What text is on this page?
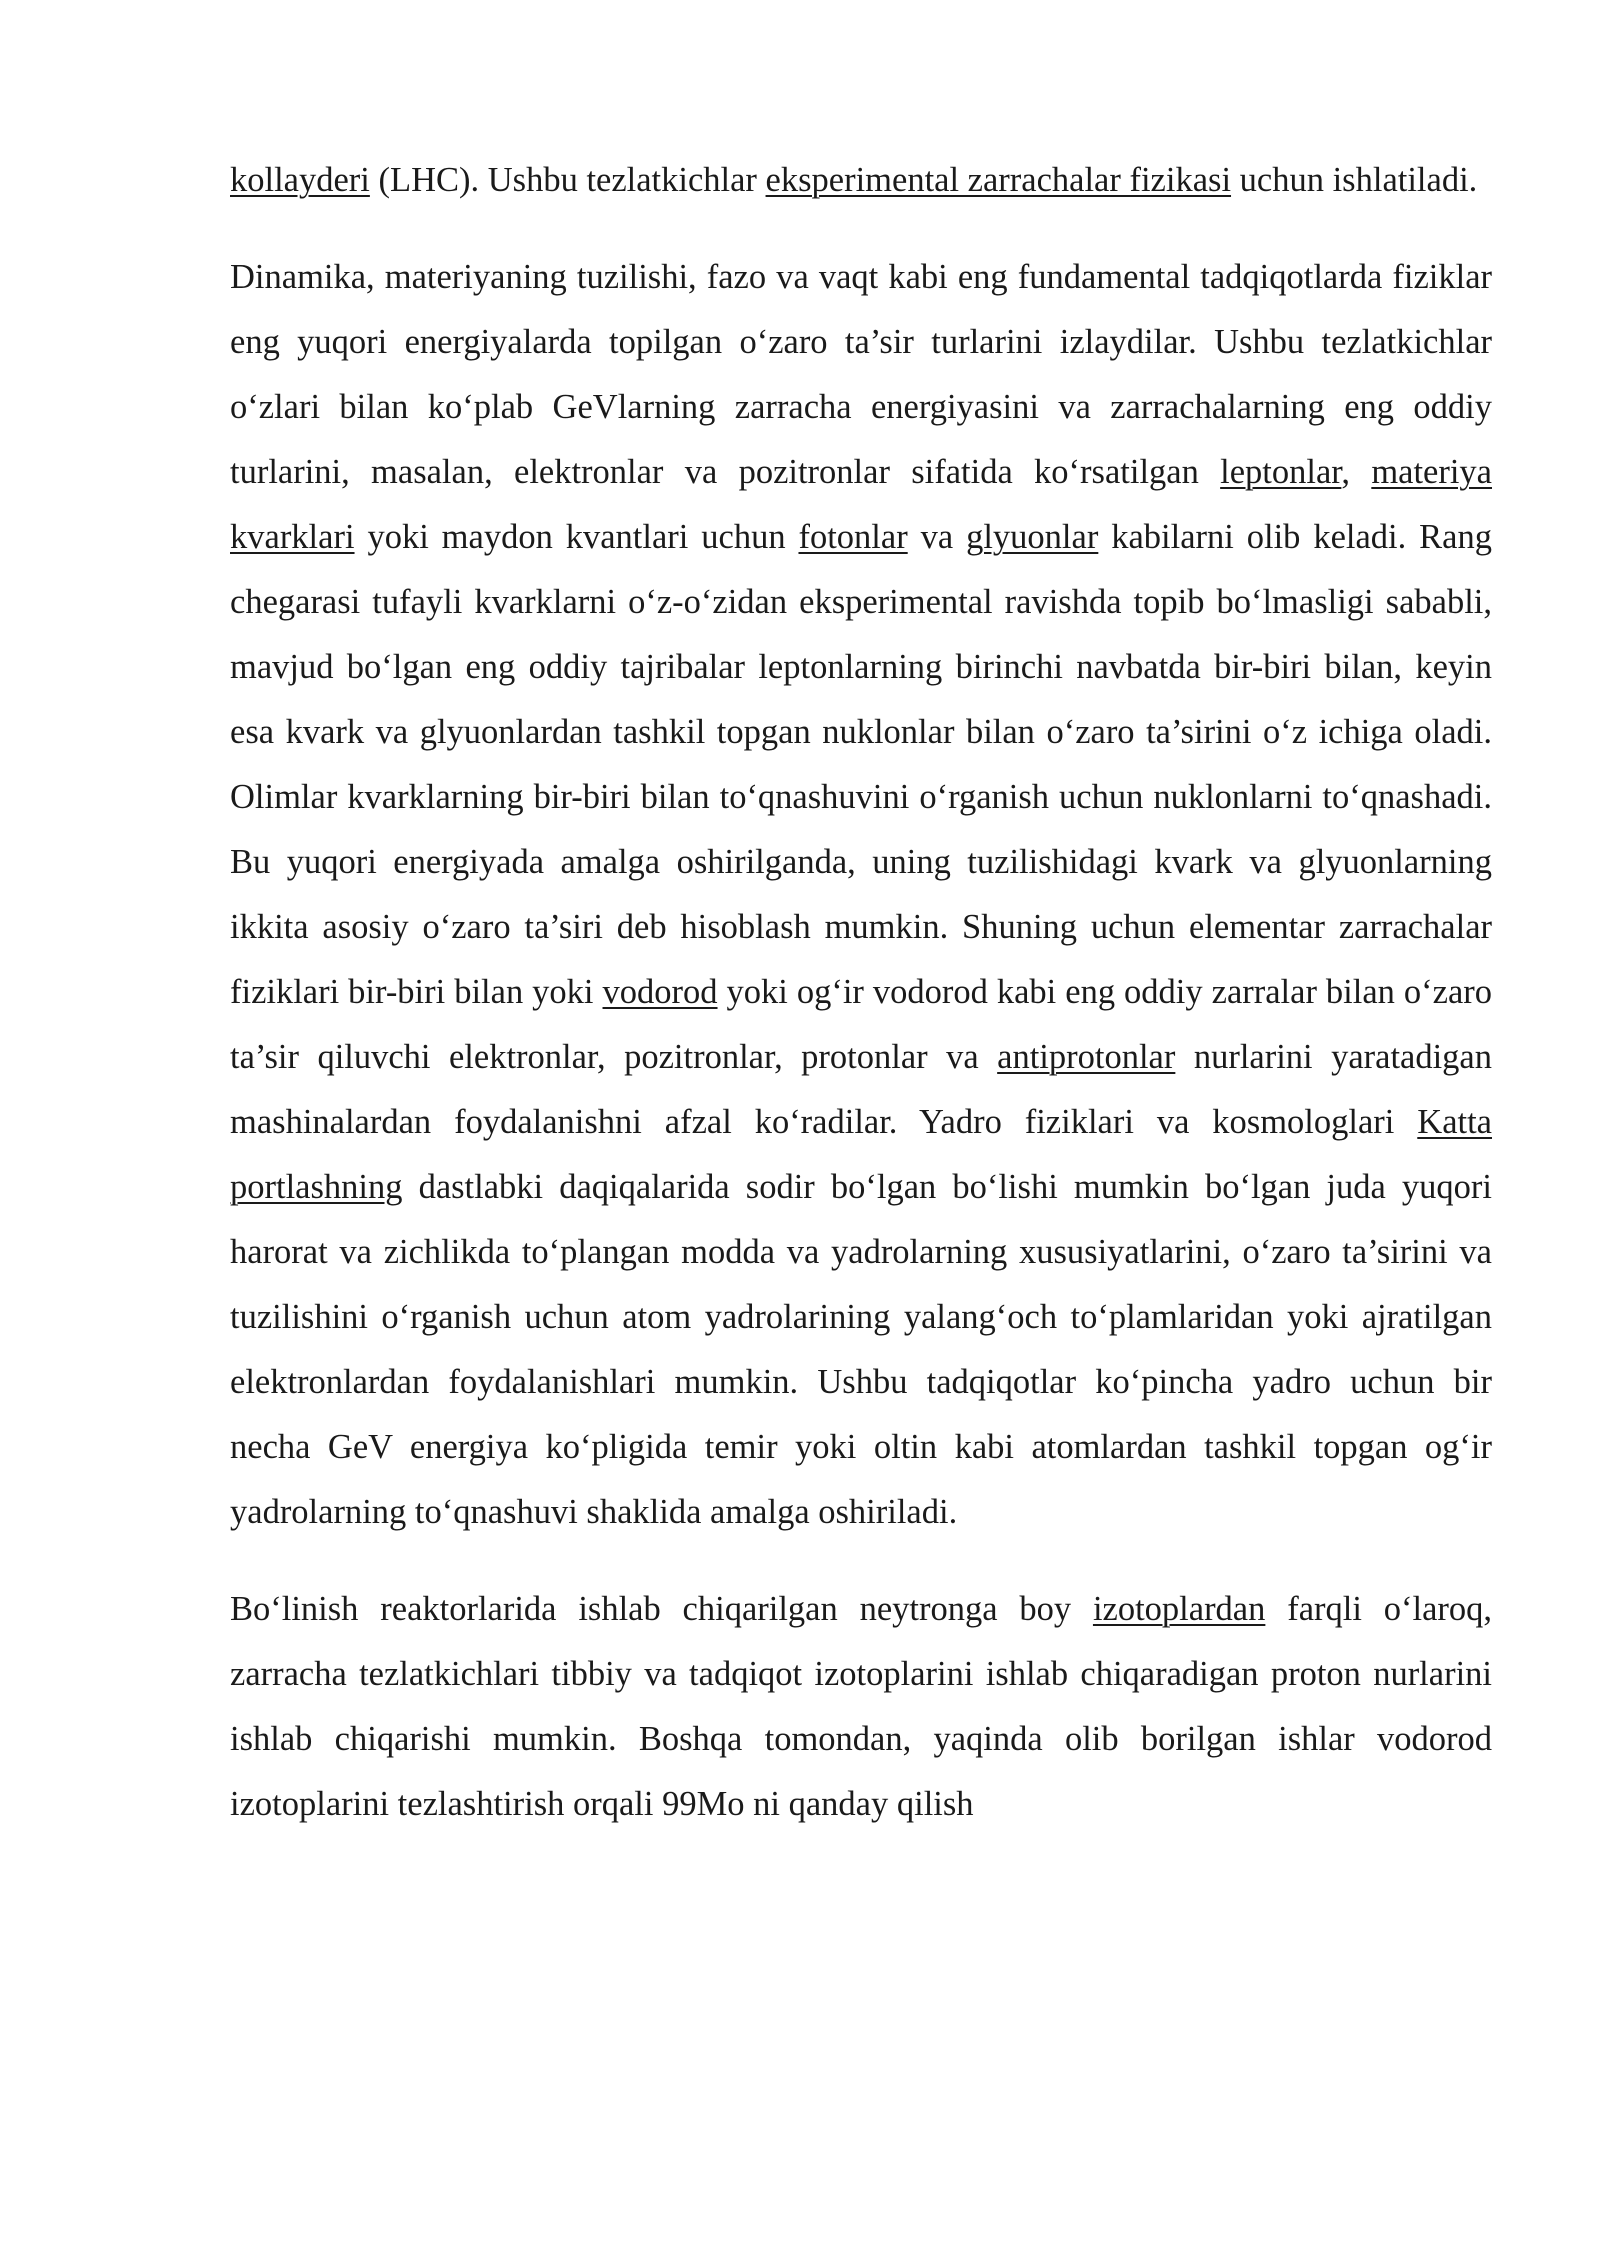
kollayderi (LHC). Ushbu tezlatkichlar eksperimental zarrachalar fizikasi uchun ishlatiladi.

Dinamika, materiyaning tuzilishi, fazo va vaqt kabi eng fundamental tadqiqotlarda fiziklar eng yuqori energiyalarda topilgan o‘zaro ta’sir turlarini izlaydilar. Ushbu tezlatkichlar o‘zlari bilan ko‘plab GeVlarning zarracha energiyasini va zarrachalarning eng oddiy turlarini, masalan, elektronlar va pozitronlar sifatida ko‘rsatilgan leptonlar, materiya kvarklari yoki maydon kvantlari uchun fotonlar va glyuonlar kabilarni olib keladi. Rang chegarasi tufayli kvarklarni o‘z-o‘zidan eksperimental ravishda topib bo‘lmasligi sababli, mavjud bo‘lgan eng oddiy tajribalar leptonlarning birinchi navbatda bir-biri bilan, keyin esa kvark va glyuonlardan tashkil topgan nuklonlar bilan o‘zaro ta’sirini o‘z ichiga oladi. Olimlar kvarklarning bir-biri bilan to‘qnashuvini o‘rganish uchun nuklonlarni to‘qnashadi. Bu yuqori energiyada amalga oshirilganda, uning tuzilishidagi kvark va glyuonlarning ikkita asosiy o‘zaro ta’siri deb hisoblash mumkin. Shuning uchun elementar zarrachalar fiziklari bir-biri bilan yoki vodorod yoki og‘ir vodorod kabi eng oddiy zarralar bilan o‘zaro ta’sir qiluvchi elektronlar, pozitronlar, protonlar va antiprotonlar nurlarini yaratadigan mashinalardan foydalanishni afzal ko‘radilar. Yadro fiziklari va kosmologlari Katta portlashning dastlabki daqiqalarida sodir bo‘lgan bo‘lishi mumkin bo‘lgan juda yuqori harorat va zichlikda to‘plangan modda va yadrolarning xususiyatlarini, o‘zaro ta’sirini va tuzilishini o‘rganish uchun atom yadrolarining yalang‘och to‘plamlaridan yoki ajratilgan elektronlardan foydalanishlari mumkin. Ushbu tadqiqotlar ko‘pincha yadro uchun bir necha GeV energiya ko‘pligida temir yoki oltin kabi atomlardan tashkil topgan og‘ir yadrolarning to‘qnashuvi shaklida amalga oshiriladi.

Bo‘linish reaktorlarida ishlab chiqarilgan neytronga boy izotoplardan farqli o‘laroq, zarracha tezlatkichlari tibbiy va tadqiqot izotoplarini ishlab chiqaradigan proton nurlarini ishlab chiqarishi mumkin. Boshqa tomondan, yaqinda olib borilgan ishlar vodorod izotoplarini tezlashtirish orqali 99Mo ni qanday qilish
